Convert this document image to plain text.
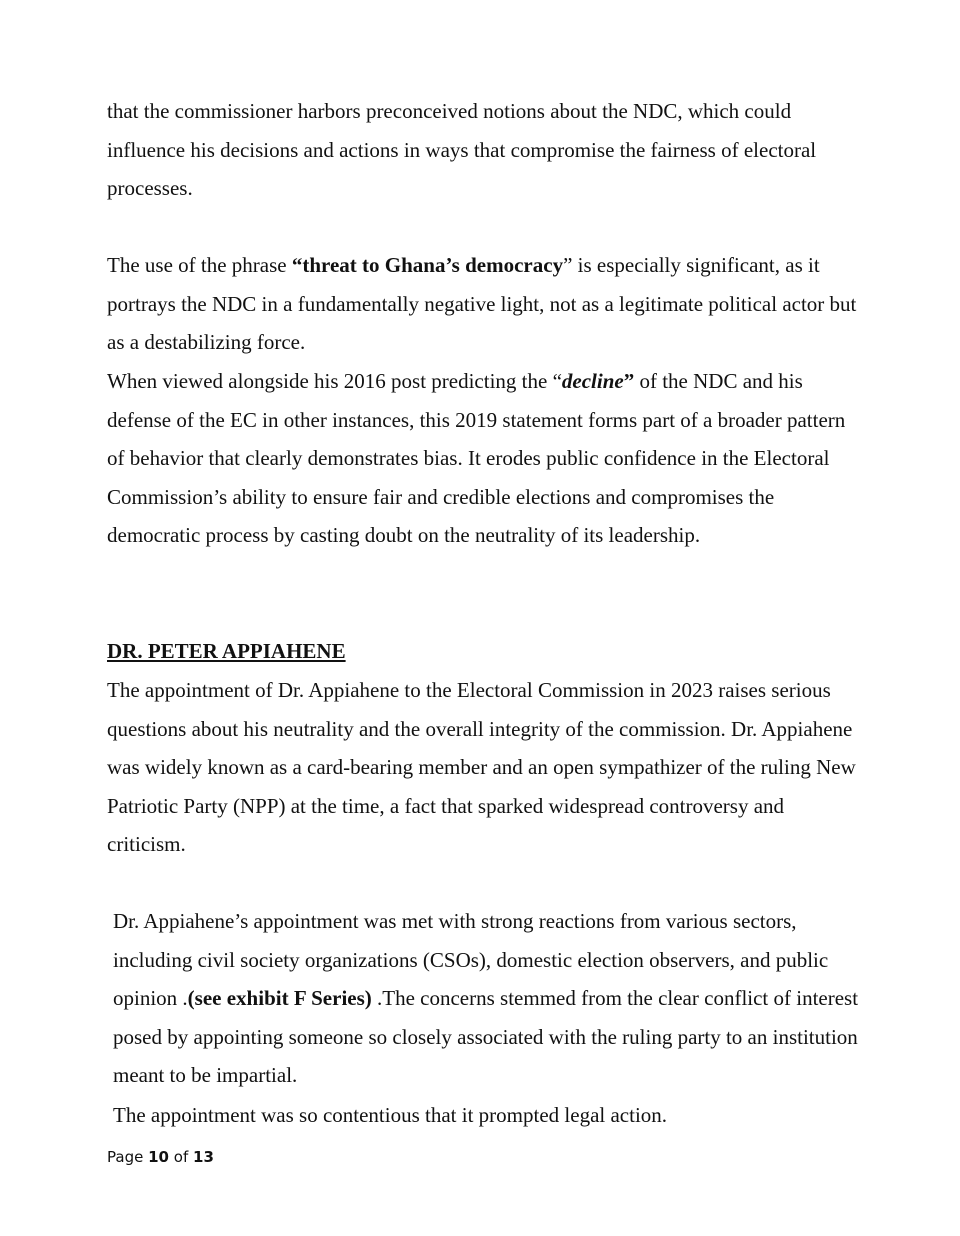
that the commissioner harbors preconceived notions about the NDC, which could influence his decisions and actions in ways that compromise the fairness of electoral processes.

The use of the phrase “threat to Ghana’s democracy” is especially significant, as it portrays the NDC in a fundamentally negative light, not as a legitimate political actor but as a destabilizing force.

When viewed alongside his 2016 post predicting the “decline” of the NDC and his defense of the EC in other instances, this 2019 statement forms part of a broader pattern of behavior that clearly demonstrates bias. It erodes public confidence in the Electoral Commission’s ability to ensure fair and credible elections and compromises the democratic process by casting doubt on the neutrality of its leadership.

DR. PETER APPIAHENE

The appointment of Dr. Appiahene to the Electoral Commission in 2023 raises serious questions about his neutrality and the overall integrity of the commission. Dr. Appiahene was widely known as a card-bearing member and an open sympathizer of the ruling New Patriotic Party (NPP) at the time, a fact that sparked widespread controversy and criticism.

Dr. Appiahene’s appointment was met with strong reactions from various sectors, including civil society organizations (CSOs), domestic election observers, and public opinion .(see exhibit F Series) .The concerns stemmed from the clear conflict of interest posed by appointing someone so closely associated with the ruling party to an institution meant to be impartial.

The appointment was so contentious that it prompted legal action.

Page 10 of 13
